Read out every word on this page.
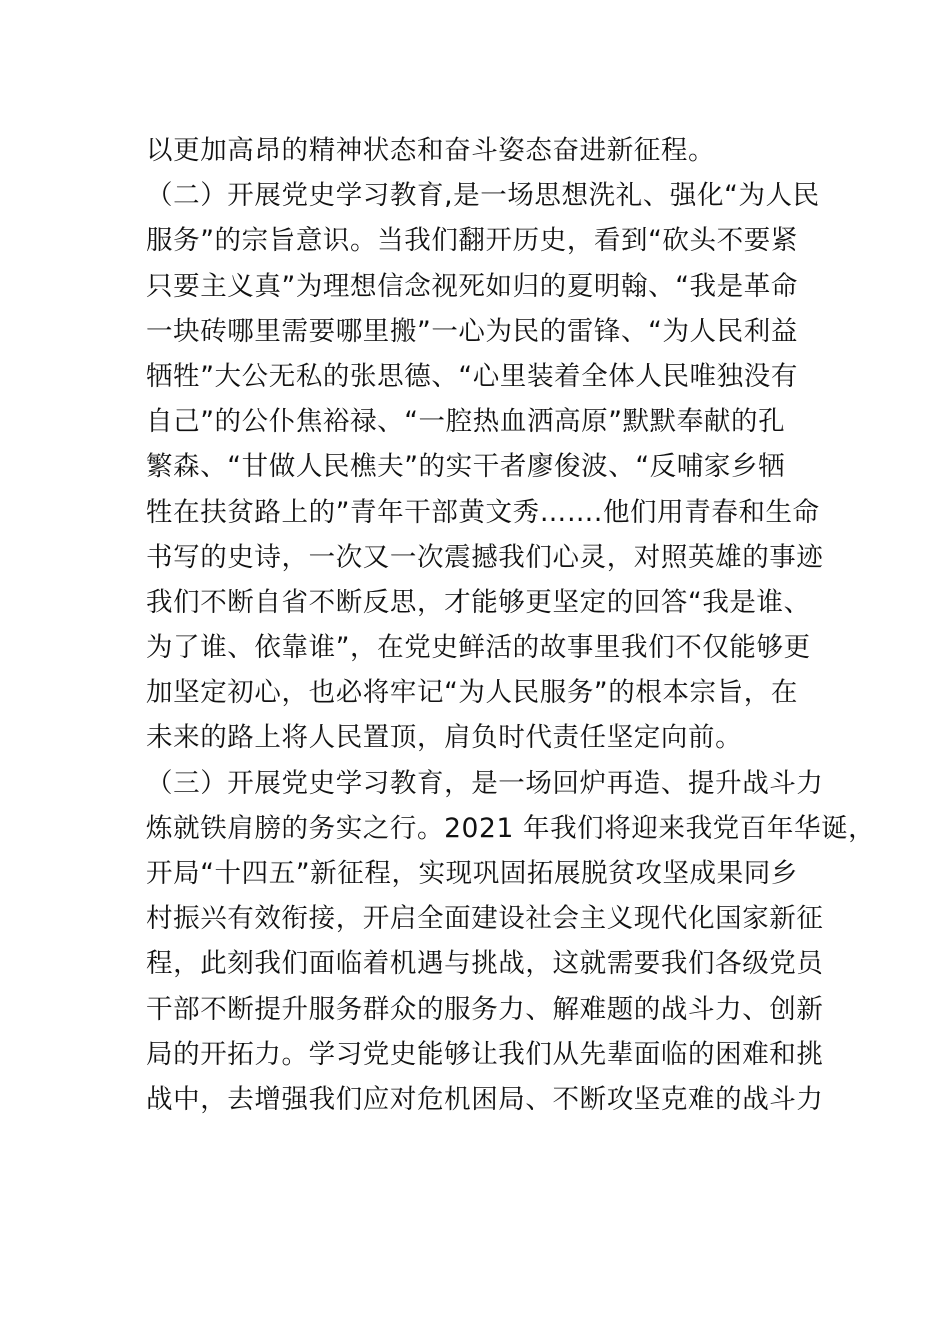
以更加高昂的精神状态和奋斗姿态奋进新征程。
（二）开展党史学习教育,是一场思想洗礼、强化“为人民
服务”的宗旨意识。当我们翻开历史，看到“砍头不要紧
只要主义真”为理想信念视死如归的夏明翰、“我是革命
一块砖哪里需要哪里搬”一心为民的雷锋、“为人民利益
牺牲”大公无私的张思德、“心里装着全体人民唯独没有
自己”的公仆焦裕禄、“一腔热血洒高原”默默奉献的孔
繁森、“甘做人民樵夫”的实干者廖俊波、“反哺家乡牺
牲在扶贫路上的”青年干部黄文秀…….他们用青春和生命
书写的史诗，一次又一次震撼我们心灵，对照英雄的事迹
我们不断自省不断反思，才能够更坚定的回答“我是谁、
为了谁、依靠谁”，在党史鲜活的故事里我们不仅能够更
加坚定初心，也必将牢记“为人民服务”的根本宗旨，在
未来的路上将人民置顶，肩负时代责任坚定向前。
（三）开展党史学习教育，是一场回炉再造、提升战斗力
炼就铁肩膀的务实之行。2021 年我们将迎来我党百年华诞，
开局“十四五”新征程，实现巩固拓展脱贫攻坚成果同乡
村振兴有效衔接，开启全面建设社会主义现代化国家新征
程，此刻我们面临着机遇与挑战，这就需要我们各级党员
干部不断提升服务群众的服务力、解难题的战斗力、创新
局的开拓力。学习党史能够让我们从先辈面临的困难和挑
战中，去增强我们应对危机困局、不断攻坚克难的战斗力
